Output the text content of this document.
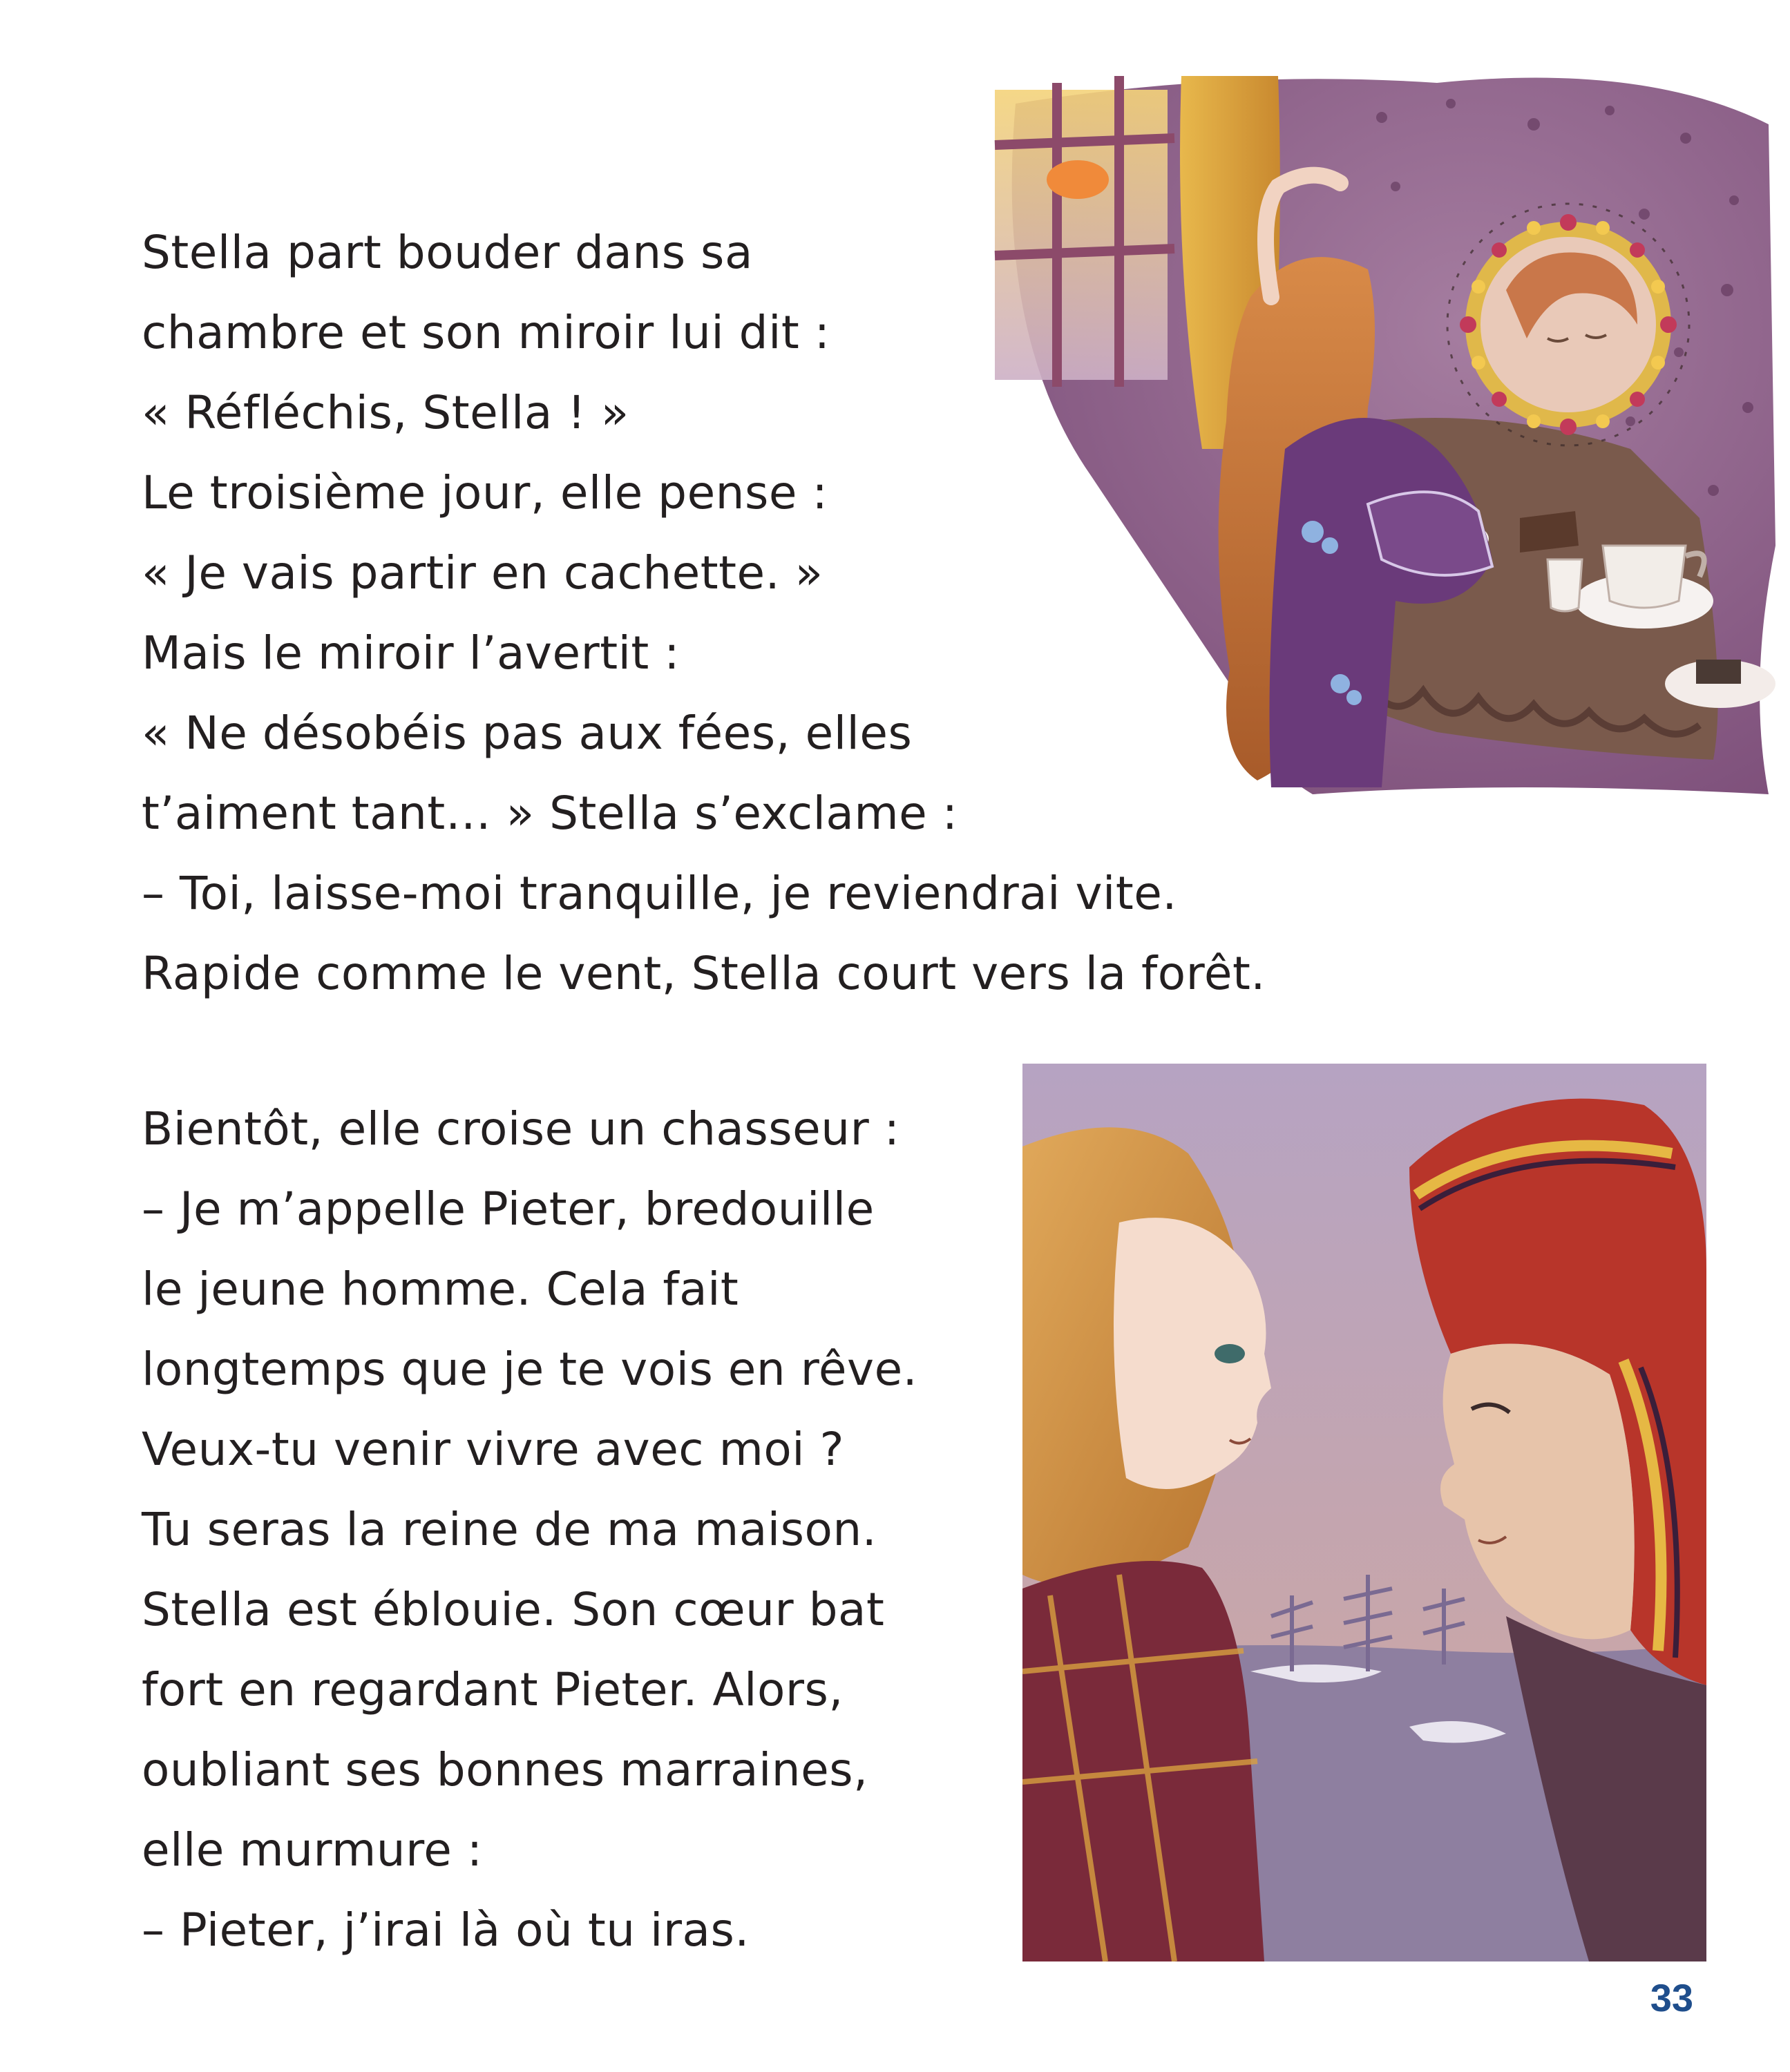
Stella part bouder dans sa
chambre et son miroir lui dit :
« Réfléchis, Stella ! »
Le troisième jour, elle pense :
« Je vais partir en cachette. »
Mais le miroir l’avertit :
« Ne désobéis pas aux fées, elles
t’aiment tant… » Stella s’exclame :
– Toi, laisse-moi tranquille, je reviendrai vite.
Rapide comme le vent, Stella court vers la forêt.
Bientôt, elle croise un chasseur :
– Je m’appelle Pieter, bredouille
le jeune homme. Cela fait
longtemps que je te vois en rêve.
Veux-tu venir vivre avec moi ?
Tu seras la reine de ma maison.
Stella est éblouie. Son cœur bat
fort en regardant Pieter. Alors,
oubliant ses bonnes marraines,
elle murmure :
– Pieter, j’irai là où tu iras.
33
